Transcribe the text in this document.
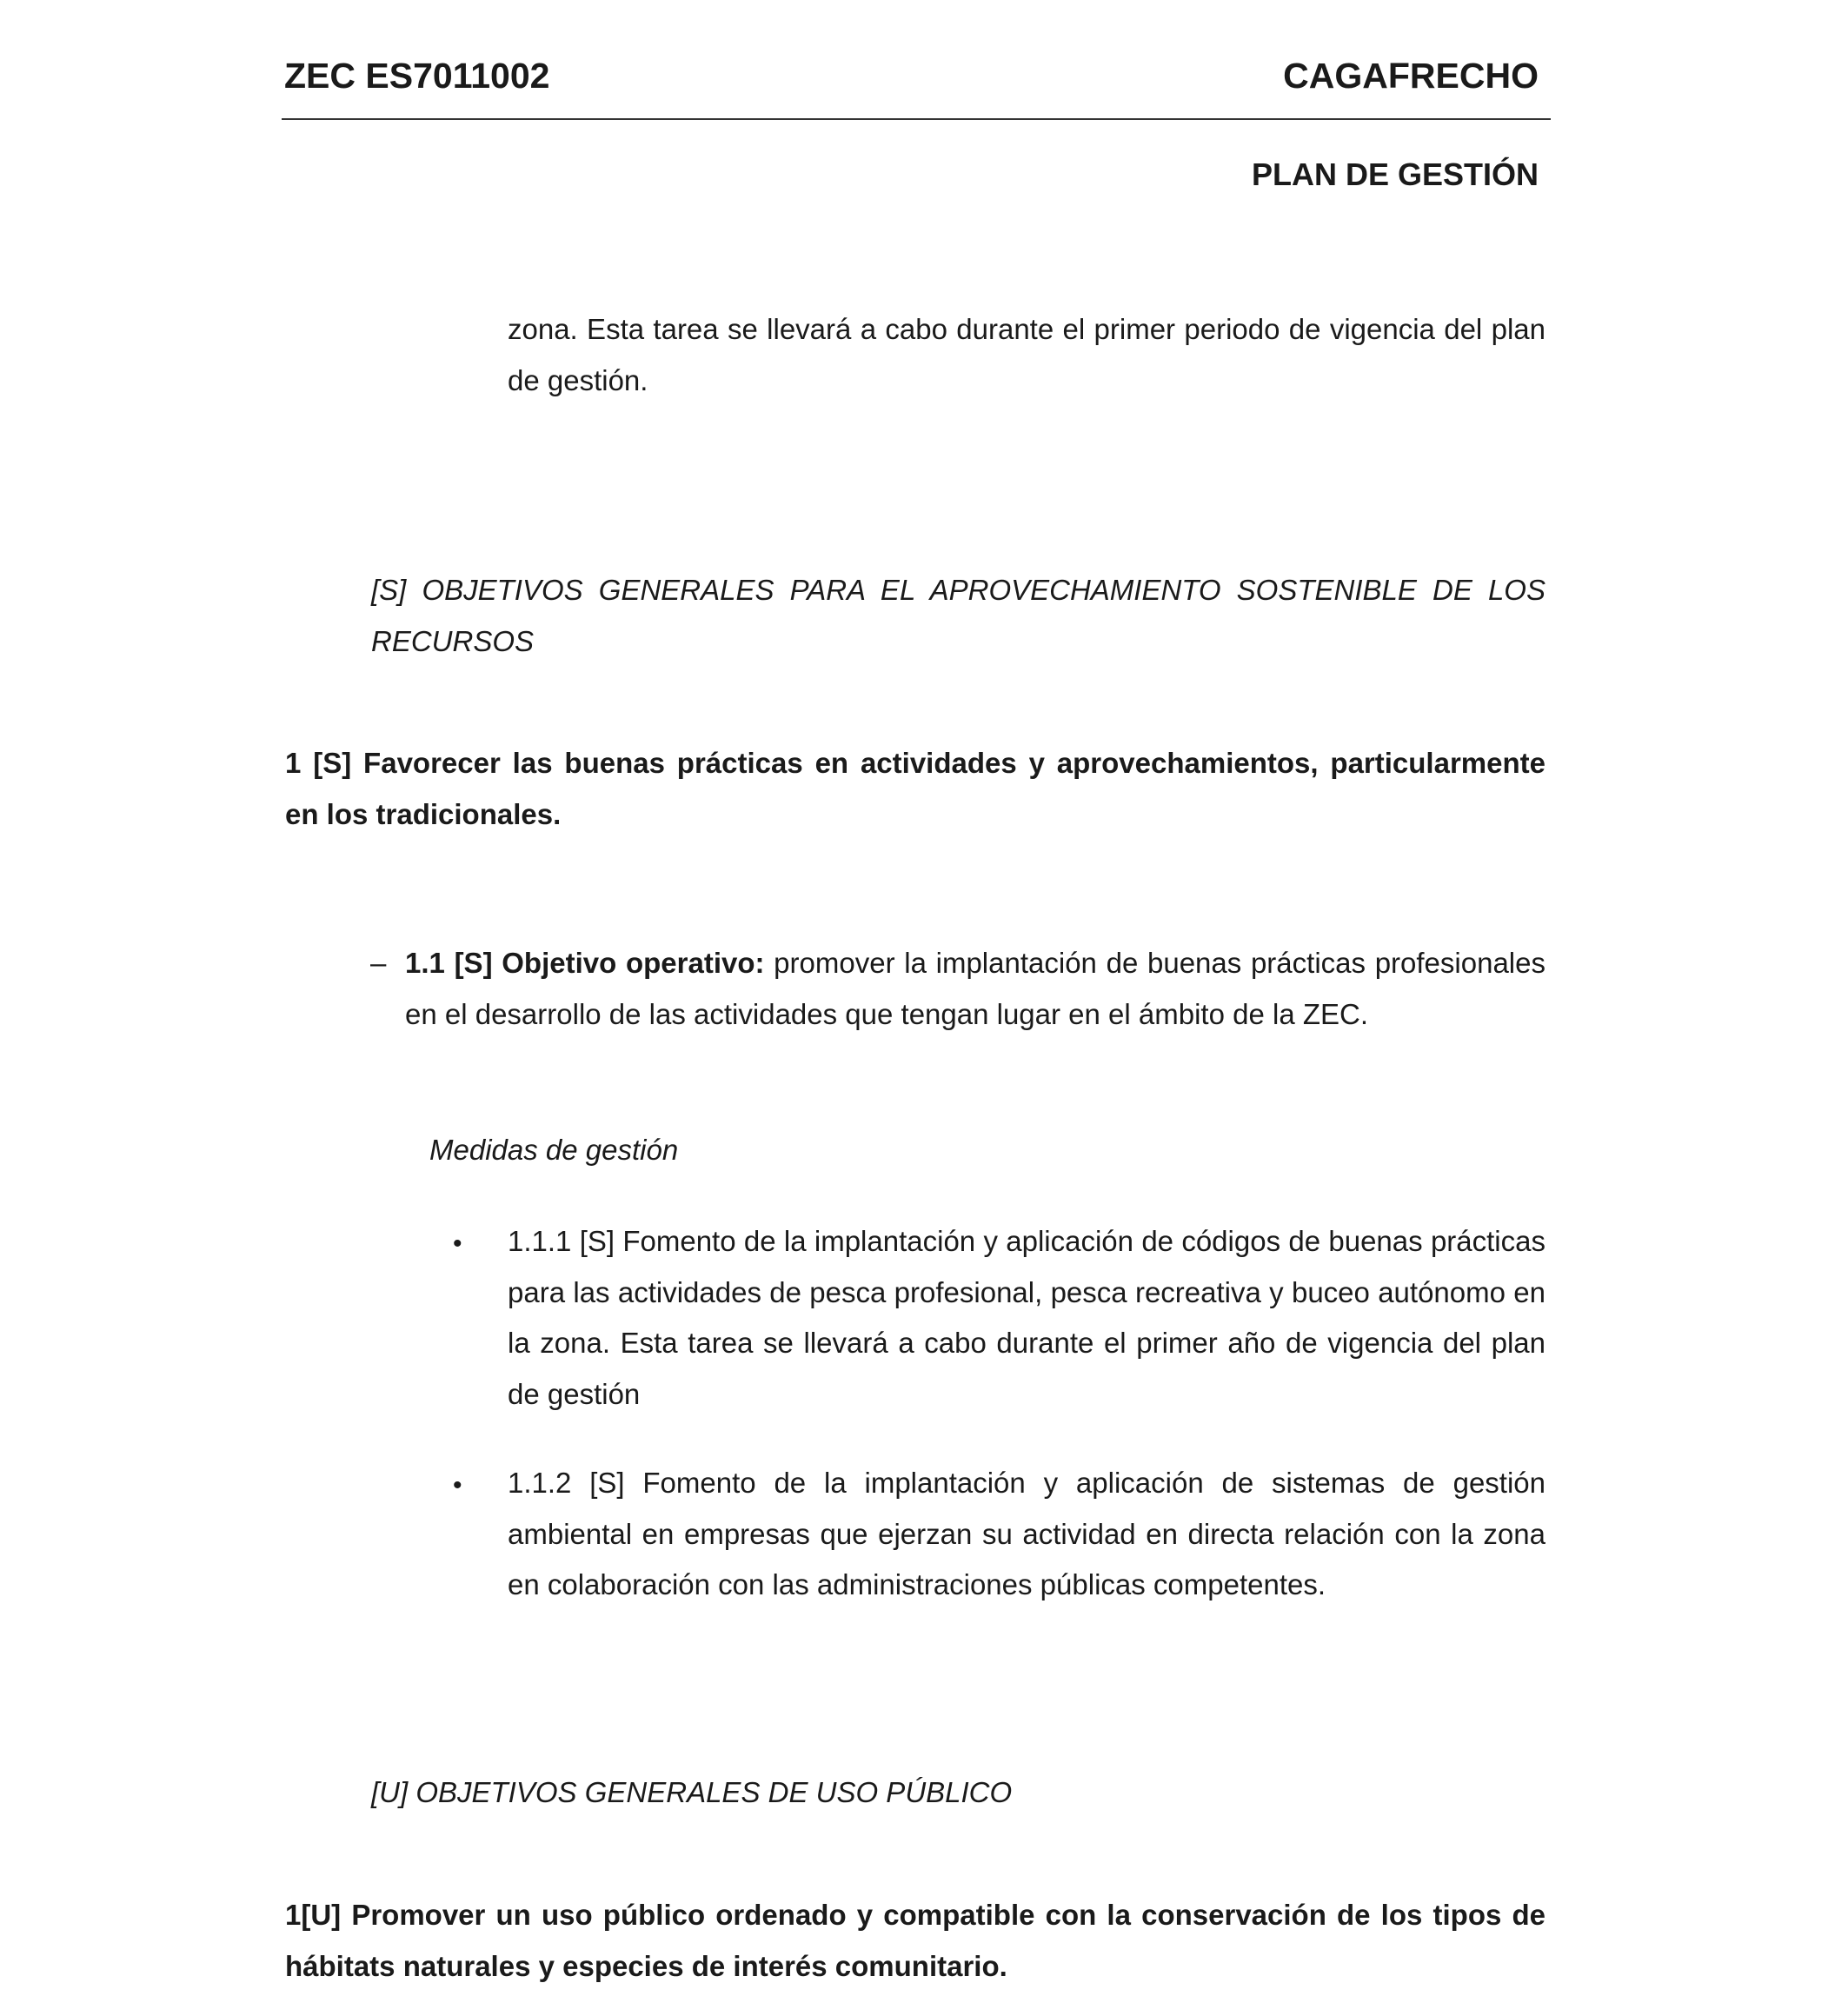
ZEC ES7011002	CAGAFRECHO
PLAN DE GESTIÓN

zona. Esta tarea se llevará a cabo durante el primer periodo de vigencia del plan de gestión.

[S] OBJETIVOS GENERALES PARA EL APROVECHAMIENTO SOSTENIBLE DE LOS RECURSOS

1 [S] Favorecer las buenas prácticas en actividades y aprovechamientos, particularmente en los tradicionales.

– 1.1 [S] Objetivo operativo: promover la implantación de buenas prácticas profesionales en el desarrollo de las actividades que tengan lugar en el ámbito de la ZEC.

Medidas de gestión
• 1.1.1 [S] Fomento de la implantación y aplicación de códigos de buenas prácticas para las actividades de pesca profesional, pesca recreativa y buceo autónomo en la zona. Esta tarea se llevará a cabo durante el primer año de vigencia del plan de gestión

• 1.1.2 [S] Fomento de la implantación y aplicación de sistemas de gestión ambiental en empresas que ejerzan su actividad en directa relación con la zona en colaboración con las administraciones públicas competentes.

[U] OBJETIVOS GENERALES DE USO PÚBLICO

1[U] Promover un uso público ordenado y compatible con la conservación de los tipos de hábitats naturales y especies de interés comunitario.
